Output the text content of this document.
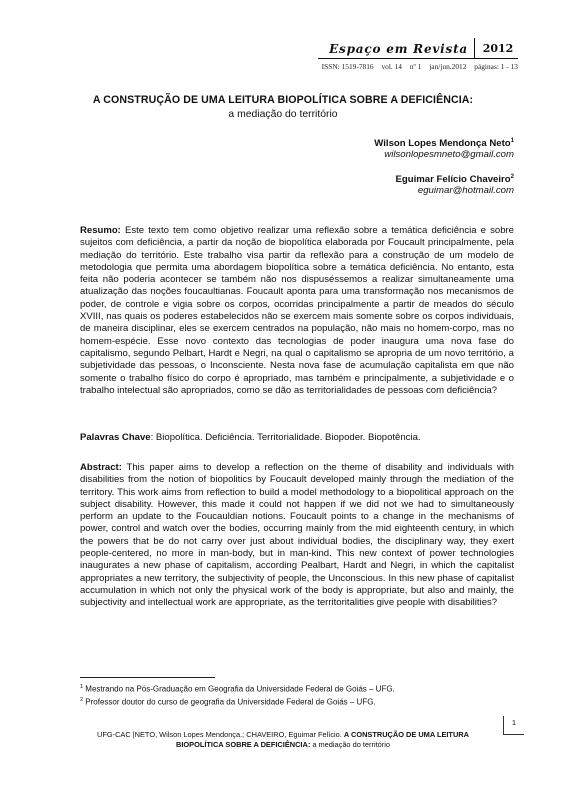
Espaço em Revista	2012
ISSN: 1519-7816 vol. 14 nº 1 jan/jun.2012 páginas: 1 - 13
A CONSTRUÇÃO DE UMA LEITURA BIOPOLÍTICA SOBRE A DEFICIÊNCIA:
a mediação do território
Wilson Lopes Mendonça Neto$^1$
wilsonlopesmneto@gmail.com
Eguimar Felício Chaveiro$^2$
eguimar@hotmail.com
Resumo: Este texto tem como objetivo realizar uma reflexão sobre a temática deficiência e sobre sujeitos com deficiência, a partir da noção de biopolítica elaborada por Foucault principalmente, pela mediação do território. Este trabalho visa partir da reflexão para a construção de um modelo de metodologia que permita uma abordagem biopolítica sobre a temática deficiência. No entanto, esta feita não poderia acontecer se também não nos dispuséssemos a realizar simultaneamente uma atualização das noções foucaultianas. Foucault aponta para uma transformação nos mecanismos de poder, de controle e vigia sobre os corpos, ocorridas principalmente a partir de meados do século XVIII, nas quais os poderes estabelecidos não se exercem mais somente sobre os corpos individuais, de maneira disciplinar, eles se exercem centrados na população, não mais no homem-corpo, mas no homem-espécie. Esse novo contexto das tecnologias de poder inaugura uma nova fase do capitalismo, segundo Pelbart, Hardt e Negri, na qual o capitalismo se apropria de um novo território, a subjetividade das pessoas, o Inconsciente. Nesta nova fase de acumulação capitalista em que não somente o trabalho físico do corpo é apropriado, mas também e principalmente, a subjetividade e o trabalho intelectual são apropriados, como se dão as territorialidades de pessoas com deficiência?
Palavras Chave: Biopolítica. Deficiência. Territorialidade. Biopoder. Biopotência.
Abstract: This paper aims to develop a reflection on the theme of disability and individuals with disabilities from the notion of biopolitics by Foucault developed mainly through the mediation of the territory. This work aims from reflection to build a model methodology to a biopolitical approach on the subject disability. However, this made it could not happen if we did not we had to simultaneously perform an update to the Foucauldian notions. Foucault points to a change in the mechanisms of power, control and watch over the bodies, occurring mainly from the mid eighteenth century, in which the powers that be do not carry over just about individual bodies, the disciplinary way, they exert people-centered, no more in man-body, but in man-kind. This new context of power technologies inaugurates a new phase of capitalism, according Pealbart, Hardt and Negri, in which the capitalist appropriates a new territory, the subjectivity of people, the Unconscious. In this new phase of capitalist accumulation in which not only the physical work of the body is appropriate, but also and mainly, the subjectivity and intellectual work are appropriate, as the territoritalities give people with disabilities?
$^1$ Mestrando na Pós-Graduação em Geografia da Universidade Federal de Goiás – UFG.
$^2$ Professor doutor do curso de geografia da Universidade Federal de Goiás – UFG.
1
UFG-CAC |NETO, Wilson Lopes Mendonça.; CHAVEIRO, Eguimar Felício. A CONSTRUÇÃO DE UMA LEITURA
BIOPOLÍTICA SOBRE A DEFICIÊNCIA: a mediação do território
